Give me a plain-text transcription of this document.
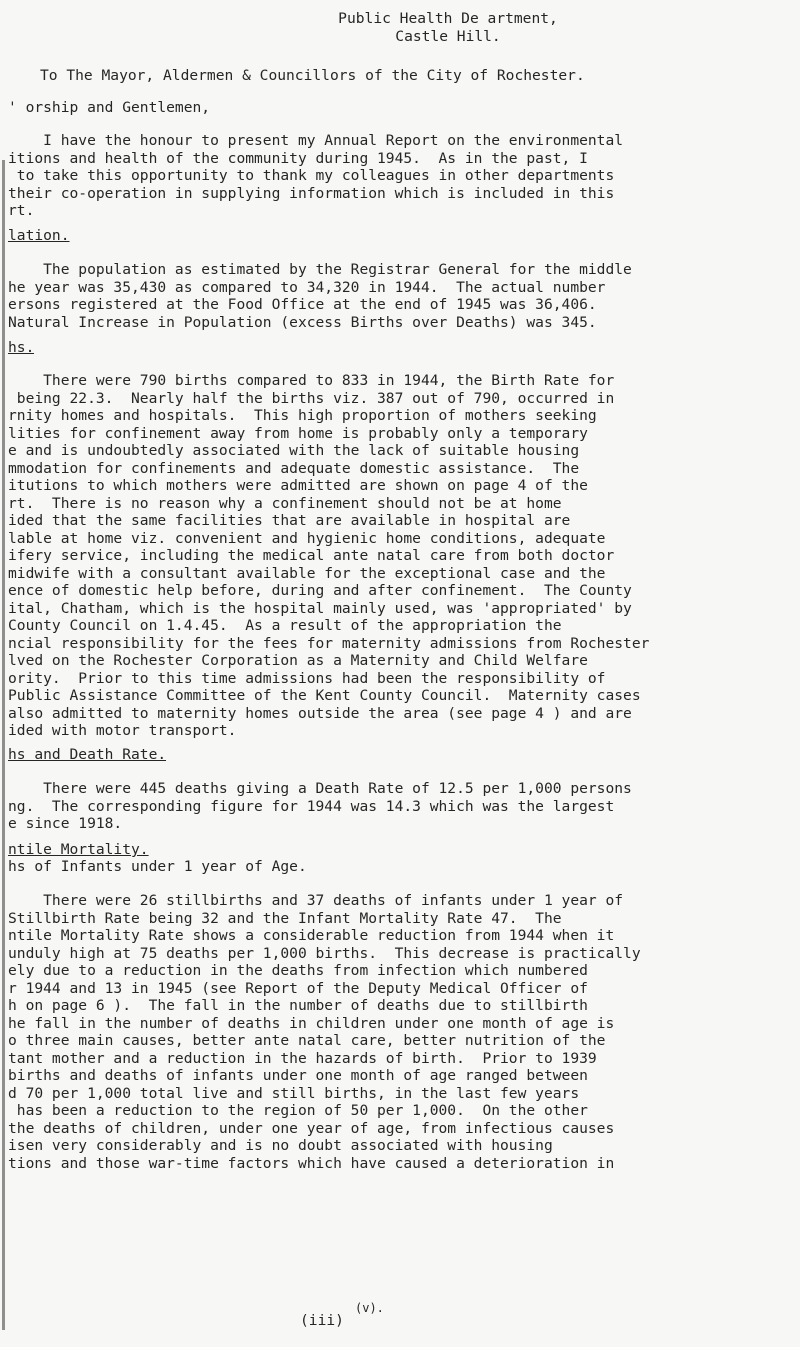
Public Health De artment,
Castle Hill.
To The Mayor, Aldermen & Councillors of the City of Rochester.
' orship and Gentlemen,
I have the honour to present my Annual Report on the environmental
itions and health of the community during 1945.  As in the past, I
to take this opportunity to thank my colleagues in other departments
their co-operation in supplying information which is included in this
rt.
lation.
The population as estimated by the Registrar General for the middle
he year was 35,430 as compared to 34,320 in 1944.  The actual number
ersons registered at the Food Office at the end of 1945 was 36,406.
Natural Increase in Population (excess Births over Deaths) was 345.
hs.
There were 790 births compared to 833 in 1944, the Birth Rate for
being 22.3.  Nearly half the births viz. 387 out of 790, occurred in
rnity homes and hospitals.  This high proportion of mothers seeking
lities for confinement away from home is probably only a temporary
e and is undoubtedly associated with the lack of suitable housing
mmodation for confinements and adequate domestic assistance.  The
itutions to which mothers were admitted are shown on page 4 of the
rt.  There is no reason why a confinement should not be at home
ided that the same facilities that are available in hospital are
lable at home viz. convenient and hygienic home conditions, adequate
ifery service, including the medical ante natal care from both doctor
midwife with a consultant available for the exceptional case and the
ence of domestic help before, during and after confinement.  The County
ital, Chatham, which is the hospital mainly used, was 'appropriated' by
County Council on 1.4.45.  As a result of the appropriation the
ncial responsibility for the fees for maternity admissions from Rochester
lved on the Rochester Corporation as a Maternity and Child Welfare
ority.  Prior to this time admissions had been the responsibility of
Public Assistance Committee of the Kent County Council.  Maternity cases
also admitted to maternity homes outside the area (see page 4 ) and are
ided with motor transport.
hs and Death Rate.
There were 445 deaths giving a Death Rate of 12.5 per 1,000 persons
ng.  The corresponding figure for 1944 was 14.3 which was the largest
e since 1918.
ntile Mortality.
hs of Infants under 1 year of Age.
There were 26 stillbirths and 37 deaths of infants under 1 year of
Stillbirth Rate being 32 and the Infant Mortality Rate 47.  The
ntile Mortality Rate shows a considerable reduction from 1944 when it
unduly high at 75 deaths per 1,000 births.  This decrease is practically
ely due to a reduction in the deaths from infection which numbered
r 1944 and 13 in 1945 (see Report of the Deputy Medical Officer of
h on page 6 ).  The fall in the number of deaths due to stillbirth
he fall in the number of deaths in children under one month of age is
o three main causes, better ante natal care, better nutrition of the
tant mother and a reduction in the hazards of birth.  Prior to 1939
births and deaths of infants under one month of age ranged between
d 70 per 1,000 total live and still births, in the last few years
has been a reduction to the region of 50 per 1,000.  On the other
the deaths of children, under one year of age, from infectious causes
isen very considerably and is no doubt associated with housing
tions and those war-time factors which have caused a deterioration in
(iii)
(v).
